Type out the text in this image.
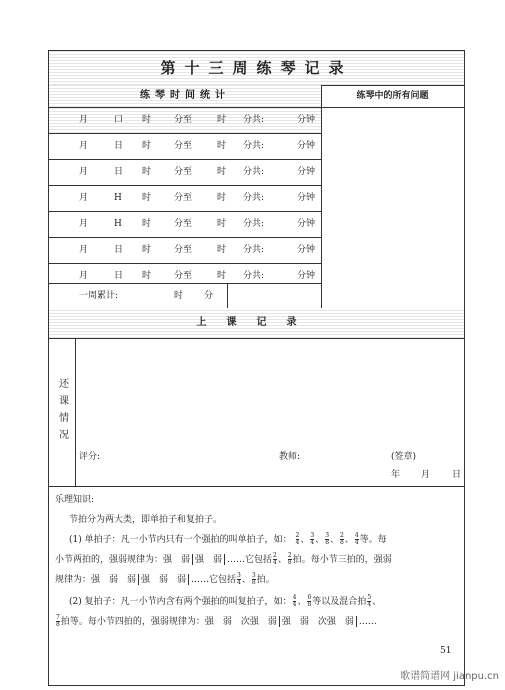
第十三周练琴记录
练琴时间统计	练琴中的所有问题
月	口 时	分至	时 分共:	分钟
月	日 时	分至	时 分共:	分钟
月	日 时	分至	时 分共:	分钟
月	H 时	分至	时 分共:	分钟
月	H 时	分至	时 分共:	分钟
月	日 时	分至	时 分共:	分钟
月	日 时	分至	时 分共:	分钟
一周累计:	时 分
上课记录
还课情况
评分:	教师:	(签章)
年 月 日

乐理知识:

节拍分为两大类，即单拍子和复拍子。

(1) 单拍子：凡一小节内只有一个强拍的叫单拍子，如： $\frac{2}{4}$ 、 $\frac{3}{4}$ 、 $\frac{3}{8}$ 、 $\frac{2}{8}$ 、 $\frac{4}{4}$ 等。每

小节两拍的，强弱规律为：强　弱 强　弱 ……它包括 $\frac{2}{4}$ 、 $\frac{2}{8}$ 拍。每小节三拍的，强弱

规律为：强　弱　弱 强　弱　弱 ……它包括 $\frac{3}{4}$ 、 $\frac{3}{8}$ 拍。

(2) 复拍子：凡一小节内含有两个强拍的叫复拍子，如： $\frac{4}{4}$ 、 $\frac{6}{8}$ 等以及混合拍 $\frac{5}{4}$ 、

$\frac{7}{8}$ 拍等。每小节四拍的，强弱规律为：强　弱　次强　弱 强　弱　次强　弱 ……

51
歌谱简谱网 jianpu.cn
